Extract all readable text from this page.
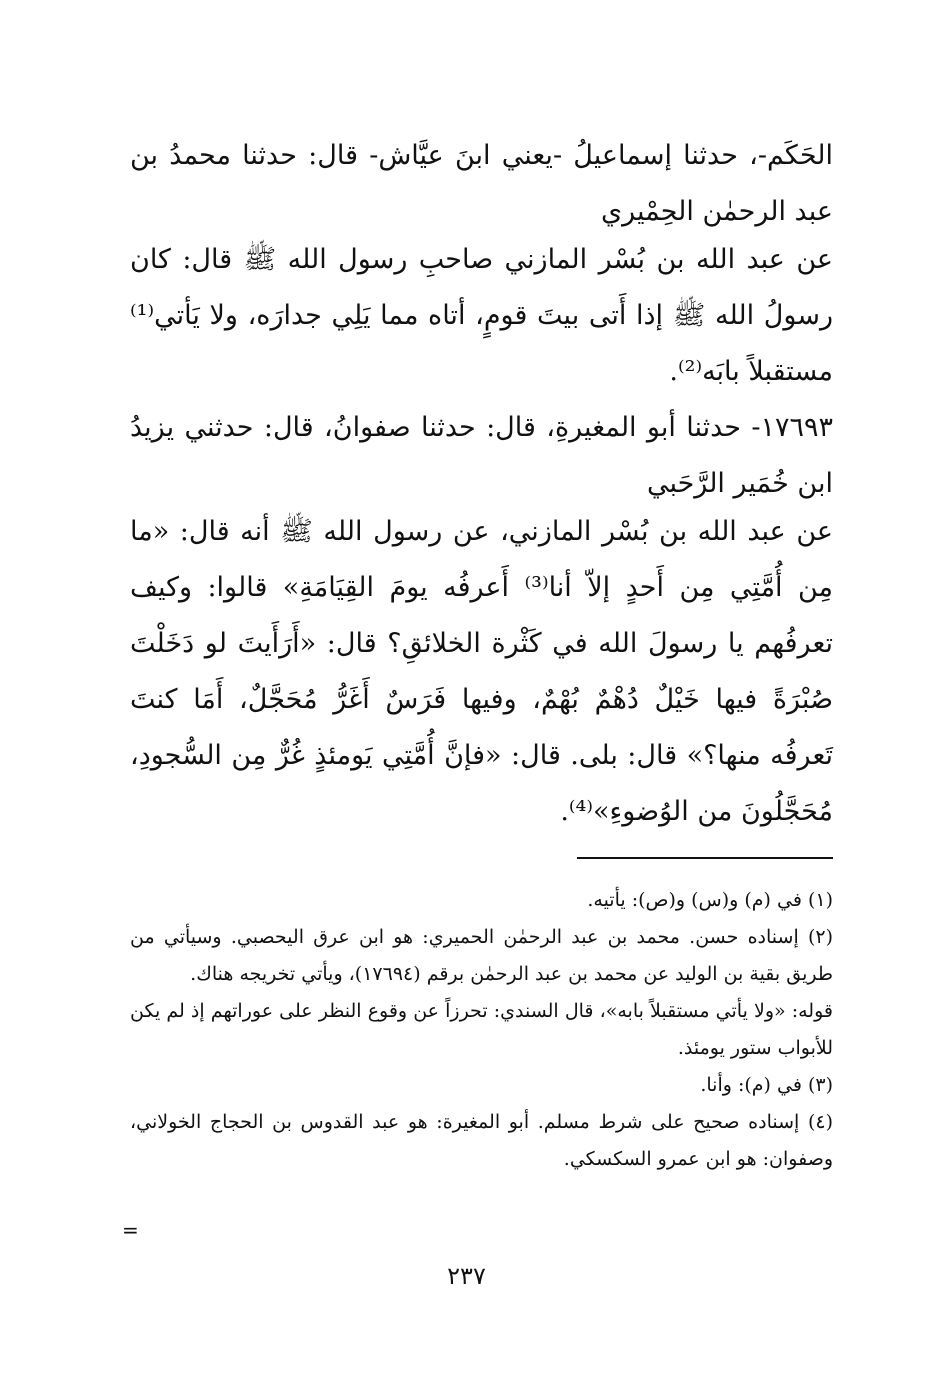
الحَكَم-، حدثنا إسماعيلُ -يعني ابنَ عيَّاش- قال: حدثنا محمدُ بن عبد الرحمٰن الحِمْيري

عن عبد الله بن بُسْر المازني صاحبِ رسول الله ﷺ قال: كان رسولُ الله ﷺ إذا أَتى بيتَ قومٍ، أتاه مما يَلِي جدارَه، ولا يَأتي⁽¹⁾ مستقبلاً بابَه⁽²⁾.

١٧٦٩٣- حدثنا أبو المغيرةِ، قال: حدثنا صفوانُ، قال: حدثني يزيدُ ابن خُمَير الرَّحَبي

عن عبد الله بن بُسْر المازني، عن رسول الله ﷺ أنه قال: «ما مِن أُمَّتِي مِن أَحدٍ إلاّ أنا⁽³⁾ أَعرفُه يومَ القِيَامَةِ» قالوا: وكيف تعرفُهم يا رسولَ الله في كَثْرة الخلائقِ؟ قال: «أَرَأَيتَ لو دَخَلْتَ صُبْرَةً فيها خَيْلٌ دُهْمٌ بُهْمٌ، وفيها فَرَسٌ أَغَرُّ مُحَجَّلٌ، أَمَا كنتَ تَعرفُه منها؟» قال: بلى. قال: «فإنَّ أُمَّتِي يَومئذٍ غُرٌّ مِن السُّجودِ، مُحَجَّلُونَ من الوُضوءِ»⁽⁴⁾.

(١) في (م) و(س) و(ص): يأتيه.

(٢) إسناده حسن. محمد بن عبد الرحمٰن الحميري: هو ابن عرق اليحصبي. وسيأتي من طريق بقية بن الوليد عن محمد بن عبد الرحمٰن برقم (١٧٦٩٤)، ويأتي تخريجه هناك.

قوله: «ولا يأتي مستقبلاً بابه»، قال السندي: تحرزاً عن وقوع النظر على عوراتهم إذ لم يكن للأبواب ستور يومئذ.

(٣) في (م): وأنا.

(٤) إسناده صحيح على شرط مسلم. أبو المغيرة: هو عبد القدوس بن الحجاج الخولاني، وصفوان: هو ابن عمرو السكسكي.

=
٢٣٧
